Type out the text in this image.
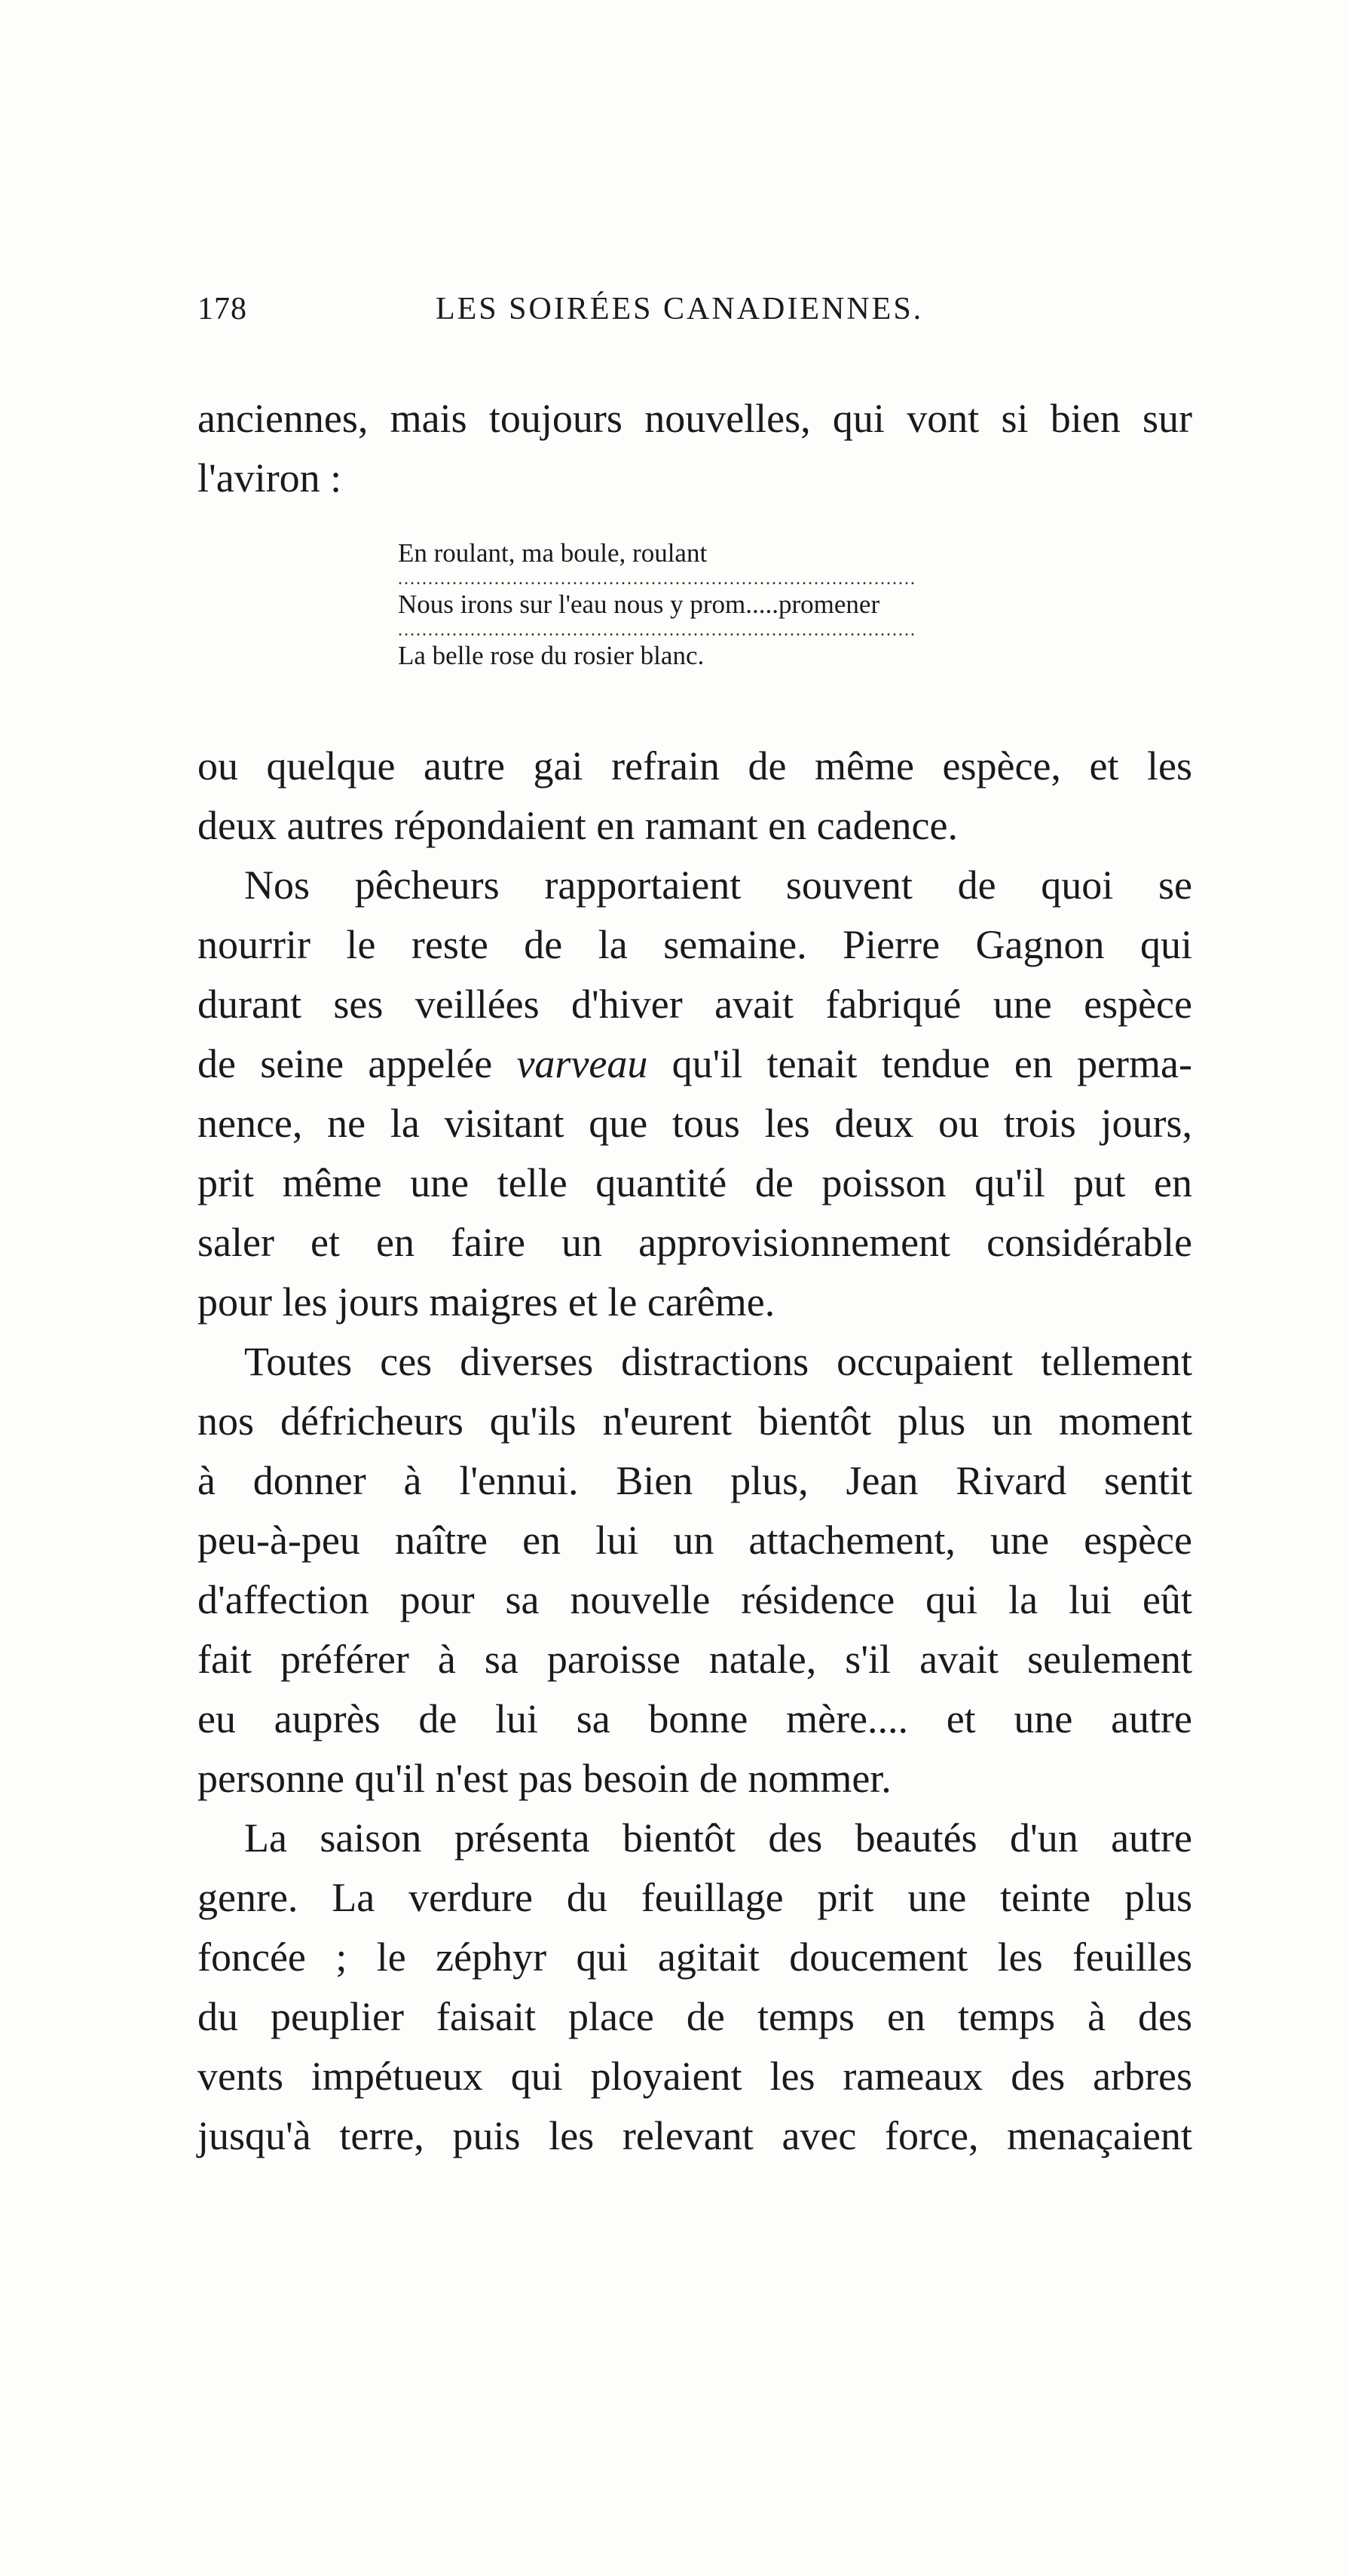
178	LES SOIRÉES CANADIENNES.
anciennes, mais toujours nouvelles, qui vont si bien sur
l'aviron :
En roulant, ma boule, roulant
......................................................................................
Nous irons sur l'eau nous y prom.....promener
......................................................................................
La belle rose du rosier blanc.
ou quelque autre gai refrain de même espèce, et les
deux autres répondaient en ramant en cadence.
Nos pêcheurs rapportaient souvent de quoi se
nourrir le reste de la semaine. Pierre Gagnon qui
durant ses veillées d'hiver avait fabriqué une espèce
de seine appelée varveau qu'il tenait tendue en perma-
nence, ne la visitant que tous les deux ou trois jours,
prit même une telle quantité de poisson qu'il put en
saler et en faire un approvisionnement considérable
pour les jours maigres et le carême.
Toutes ces diverses distractions occupaient tellement
nos défricheurs qu'ils n'eurent bientôt plus un moment
à donner à l'ennui. Bien plus, Jean Rivard sentit
peu-à-peu naître en lui un attachement, une espèce
d'affection pour sa nouvelle résidence qui la lui eût
fait préférer à sa paroisse natale, s'il avait seulement
eu auprès de lui sa bonne mère.... et une autre
personne qu'il n'est pas besoin de nommer.
La saison présenta bientôt des beautés d'un autre
genre. La verdure du feuillage prit une teinte plus
foncée ; le zéphyr qui agitait doucement les feuilles
du peuplier faisait place de temps en temps à des
vents impétueux qui ployaient les rameaux des arbres
jusqu'à terre, puis les relevant avec force, menaçaient
